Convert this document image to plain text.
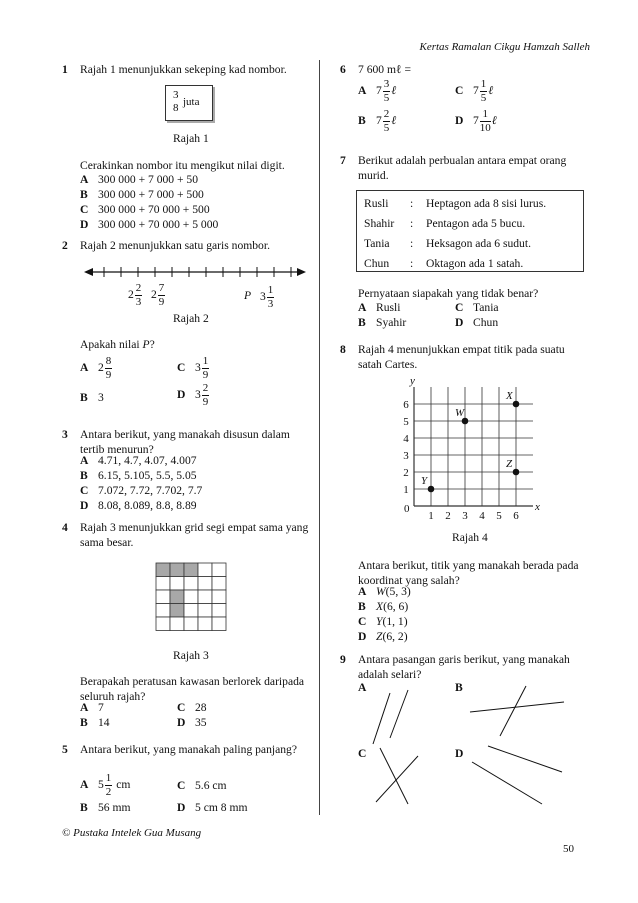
Kertas Ramalan Cikgu Hamzah Salleh
1 Rajah 1 menunjukkan sekeping kad nombor.
3
8 juta
Rajah 1
Cerakinkan nombor itu mengikut nilai digit.
A 300 000 + 7 000 + 50
B 300 000 + 7 000 + 500
C 300 000 + 70 000 + 500
D 300 000 + 70 000 + 5 000
2 Rajah 2 menunjukkan satu garis nombor.
$2 \frac{2}{3} 2 \frac{7}{9}$	P $3 \frac{1}{3}$
Rajah 2
Apakah nilai P?
A $2 \frac{8}{9}$	C $3 \frac{1}{9}$
B 3	D $3 \frac{2}{9}$
3 Antara berikut, yang manakah disusun dalam tertib menurun?
A 4.71, 4.7, 4.07, 4.007
B 6.15, 5.105, 5.5, 5.05
C 7.072, 7.72, 7.702, 7.7
D 8.08, 8.089, 8.8, 8.89
4 Rajah 3 menunjukkan grid segi empat sama yang sama besar.
Rajah 3
Berapakah peratusan kawasan berlorek daripada seluruh rajah?
A 7	C 28
B 14	D 35
5 Antara berikut, yang manakah paling panjang?
A $5 \frac{1}{2}$ cm	C 5.6 cm
B 56 mm	D 5 cm 8 mm
6 7 600 mℓ =
A $7 \frac{3}{5}$ ℓ	C $7 \frac{1}{5}$ ℓ
B $7 \frac{2}{5}$ ℓ	D $7 \frac{1}{10}$ ℓ
7 Berikut adalah perbualan antara empat orang murid.
Rusli	:	Heptagon ada 8 sisi lurus.
Shahir	:	Pentagon ada 5 bucu.
Tania	:	Heksagon ada 6 sudut.
Chun	:	Oktagon ada 1 satah.
Pernyataan siapakah yang tidak benar?
A Rusli	C Tania
B Syahir	D Chun
8 Rajah 4 menunjukkan empat titik pada suatu satah Cartes.
1 2 3 4 5 6
1
2
3
4
5
6
0	x
y
W
X
Y
Z
Rajah 4
Antara berikut, titik yang manakah berada pada koordinat yang salah?
A W(5, 3)
B X(6, 6)
C Y(1, 1)
D Z(6, 2)
9 Antara pasangan garis berikut, yang manakah adalah selari?
A	B
C	D
© Pustaka Intelek Gua Musang
50
